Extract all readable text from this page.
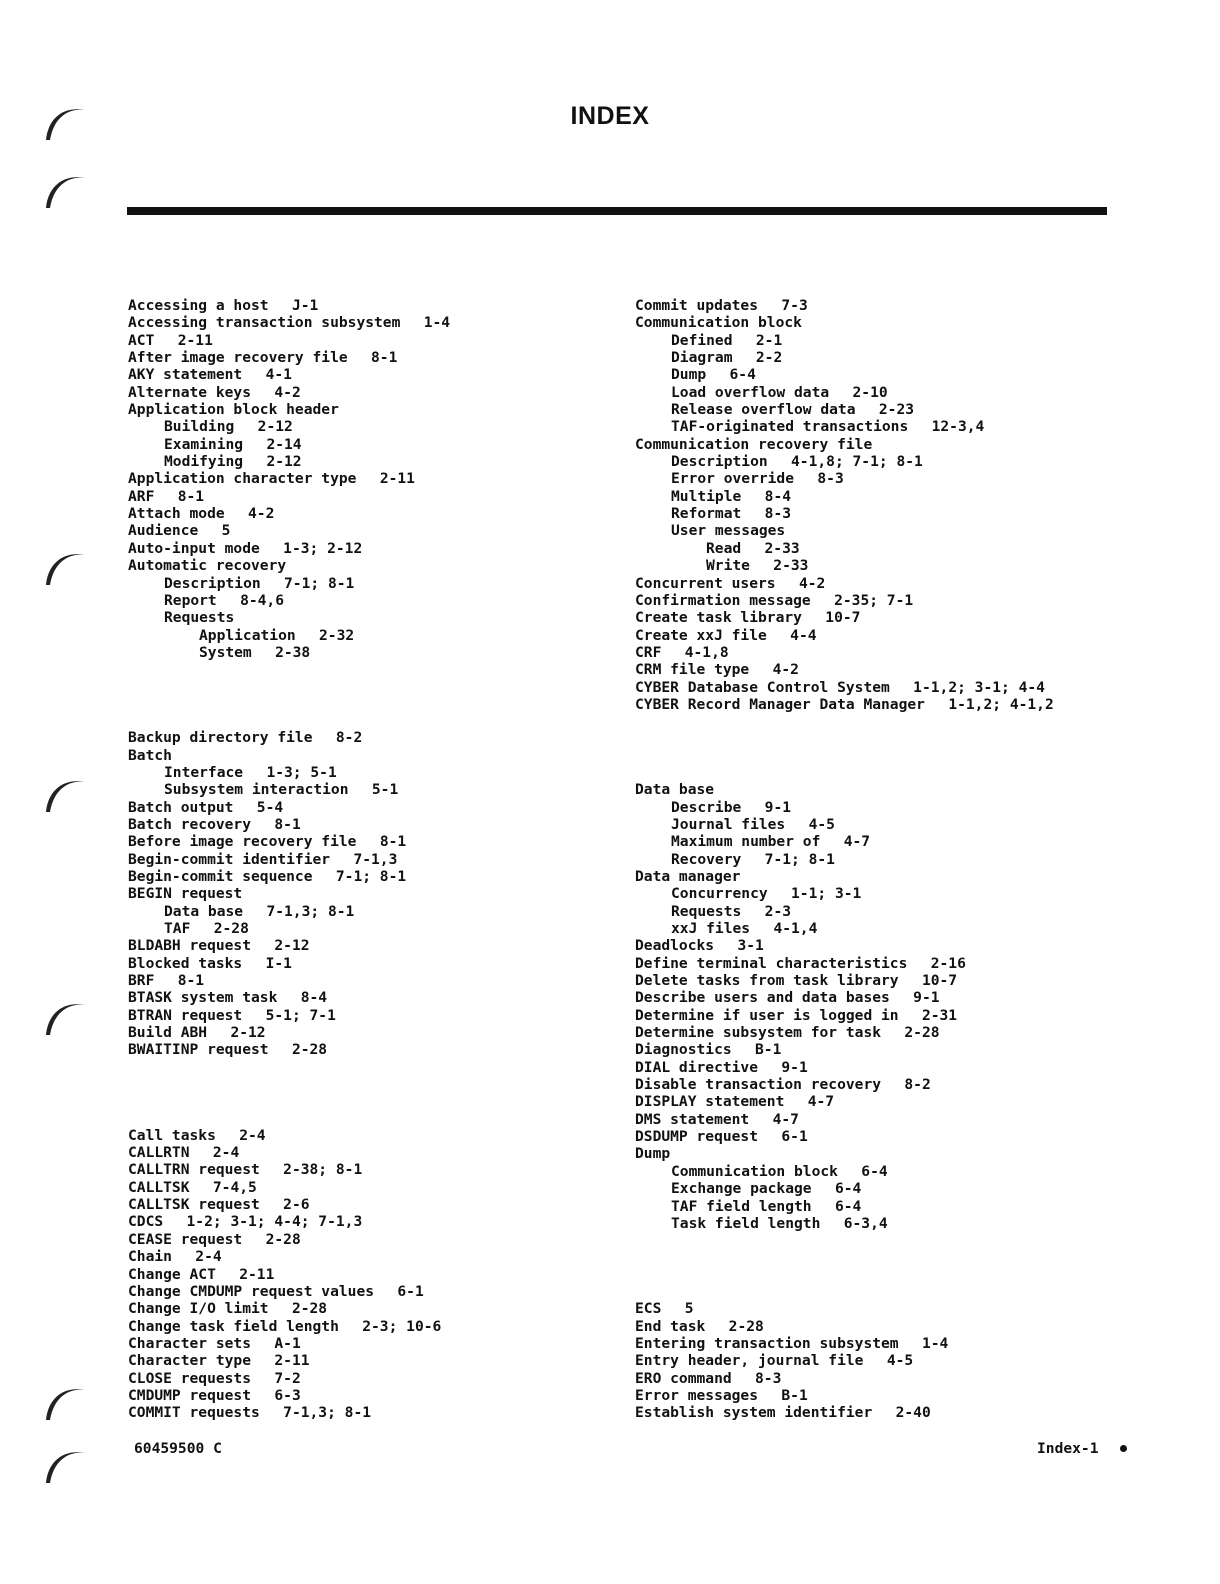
INDEX
Accessing a host J-1
Accessing transaction subsystem 1-4
ACT 2-11
After image recovery file 8-1
AKY statement 4-1
Alternate keys 4-2
Application block header
Building 2-12
Examining 2-14
Modifying 2-12
Application character type 2-11
ARF 8-1
Attach mode 4-2
Audience 5
Auto-input mode 1-3; 2-12
Automatic recovery
Description 7-1; 8-1
Report 8-4,6
Requests
Application 2-32
System 2-38
Backup directory file 8-2
Batch
Interface 1-3; 5-1
Subsystem interaction 5-1
Batch output 5-4
Batch recovery 8-1
Before image recovery file 8-1
Begin-commit identifier 7-1,3
Begin-commit sequence 7-1; 8-1
BEGIN request
Data base 7-1,3; 8-1
TAF 2-28
BLDABH request 2-12
Blocked tasks I-1
BRF 8-1
BTASK system task 8-4
BTRAN request 5-1; 7-1
Build ABH 2-12
BWAITINP request 2-28
Call tasks 2-4
CALLRTN 2-4
CALLTRN request 2-38; 8-1
CALLTSK 7-4,5
CALLTSK request 2-6
CDCS 1-2; 3-1; 4-4; 7-1,3
CEASE request 2-28
Chain 2-4
Change ACT 2-11
Change CMDUMP request values 6-1
Change I/O limit 2-28
Change task field length 2-3; 10-6
Character sets A-1
Character type 2-11
CLOSE requests 7-2
CMDUMP request 6-3
COMMIT requests 7-1,3; 8-1
Commit updates 7-3
Communication block
Defined 2-1
Diagram 2-2
Dump 6-4
Load overflow data 2-10
Release overflow data 2-23
TAF-originated transactions 12-3,4
Communication recovery file
Description 4-1,8; 7-1; 8-1
Error override 8-3
Multiple 8-4
Reformat 8-3
User messages
Read 2-33
Write 2-33
Concurrent users 4-2
Confirmation message 2-35; 7-1
Create task library 10-7
Create xxJ file 4-4
CRF 4-1,8
CRM file type 4-2
CYBER Database Control System 1-1,2; 3-1; 4-4
CYBER Record Manager Data Manager 1-1,2; 4-1,2
Data base
Describe 9-1
Journal files 4-5
Maximum number of 4-7
Recovery 7-1; 8-1
Data manager
Concurrency 1-1; 3-1
Requests 2-3
xxJ files 4-1,4
Deadlocks 3-1
Define terminal characteristics 2-16
Delete tasks from task library 10-7
Describe users and data bases 9-1
Determine if user is logged in 2-31
Determine subsystem for task 2-28
Diagnostics B-1
DIAL directive 9-1
Disable transaction recovery 8-2
DISPLAY statement 4-7
DMS statement 4-7
DSDUMP request 6-1
Dump
Communication block 6-4
Exchange package 6-4
TAF field length 6-4
Task field length 6-3,4
ECS 5
End task 2-28
Entering transaction subsystem 1-4
Entry header, journal file 4-5
ERO command 8-3
Error messages B-1
Establish system identifier 2-40
60459500 C	Index-1
